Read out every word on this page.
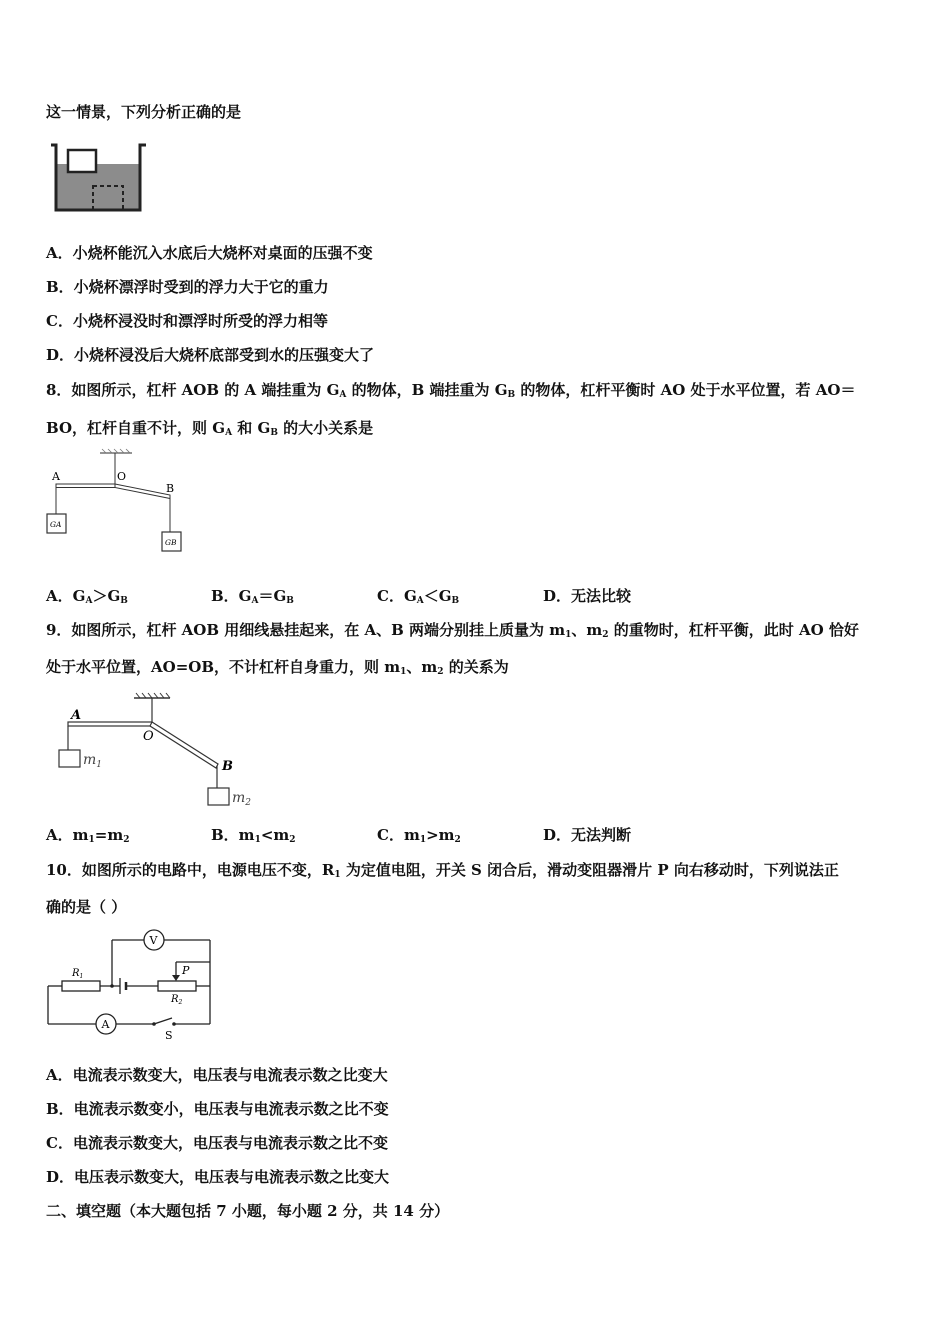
这一情景，下列分析正确的是
A．小烧杯能沉入水底后大烧杯对桌面的压强不变
B．小烧杯漂浮时受到的浮力大于它的重力
C．小烧杯浸没时和漂浮时所受的浮力相等
D．小烧杯浸没后大烧杯底部受到水的压强变大了
8．如图所示，杠杆 AOB 的 A 端挂重为 $G_A$ 的物体，B 端挂重为 $G_B$ 的物体，杠杆平衡时 AO 处于水平位置，若 AO＝
BO，杠杆自重不计，则 $G_A$ 和 $G_B$ 的大小关系是
A	O
B
GA
GB
A．$G_A>G_B$	B．$G_A=G_B$	C．$G_A<G_B$	D．无法比较
9．如图所示，杠杆 AOB 用细线悬挂起来，在 A、B 两端分别挂上质量为 $m_1$、$m_2$ 的重物时，杠杆平衡，此时 AO 恰好
处于水平位置，AO=OB，不计杠杆自身重力，则 $m_1$、$m_2$ 的关系为
A
O
B
$m_1$
$m_2$
A．$m_1=m_2$	B．$m_1<m_2$	C．$m_1>m_2$	D．无法判断
10．如图所示的电路中，电源电压不变，$R_1$ 为定值电阻，开关 S 闭合后，滑动变阻器滑片 P 向右移动时，下列说法正
确的是（ ）
V
A
$R_1$	P
$R_2$
S
A．电流表示数变大，电压表与电流表示数之比变大
B．电流表示数变小，电压表与电流表示数之比不变
C．电流表示数变大，电压表与电流表示数之比不变
D．电压表示数变大，电压表与电流表示数之比变大
二、填空题（本大题包括 7 小题，每小题 2 分，共 14 分）
